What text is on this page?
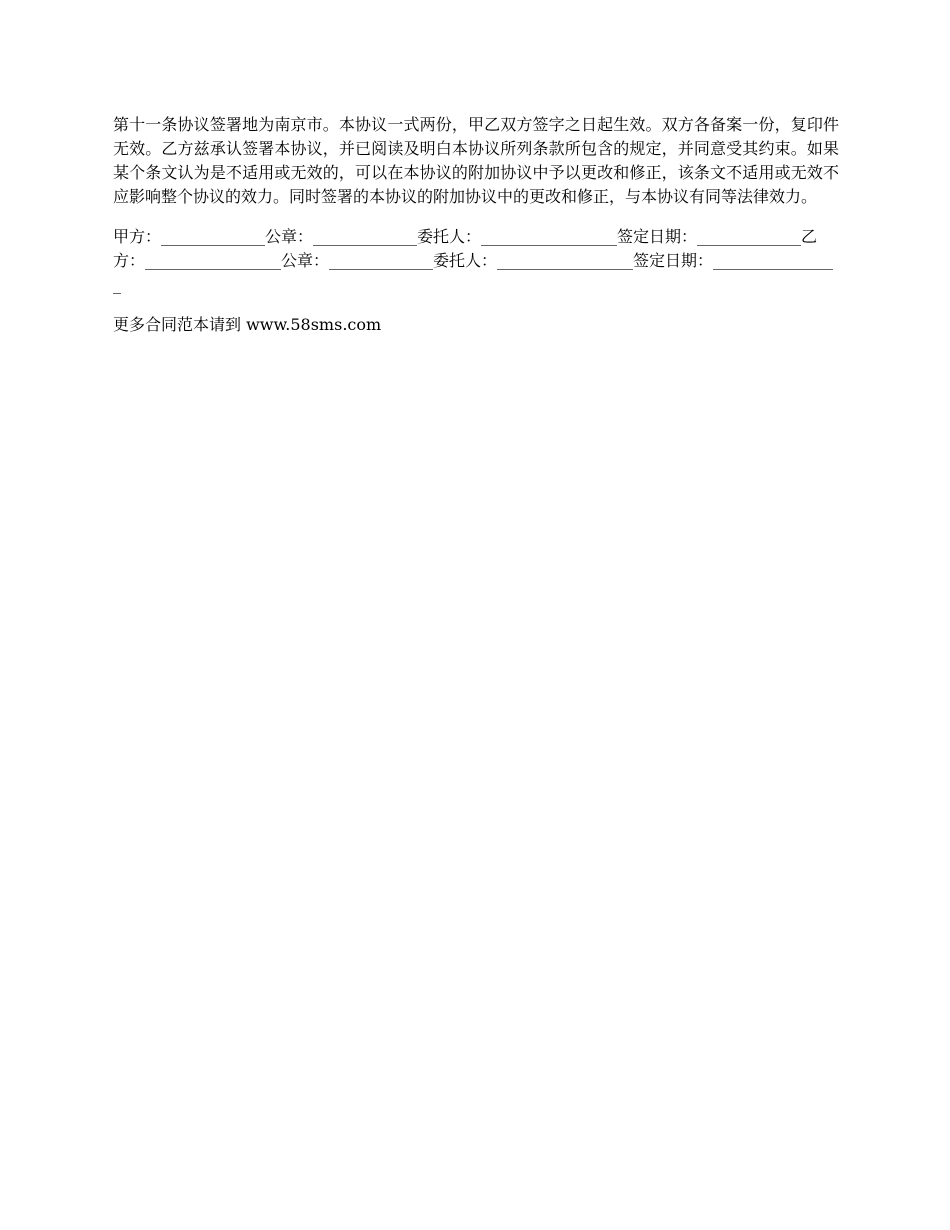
第十一条协议签署地为南京市。本协议一式两份，甲乙双方签字之日起生效。双方各备案一份，复印件无效。乙方兹承认签署本协议，并已阅读及明白本协议所列条款所包含的规定，并同意受其约束。如果某个条文认为是不适用或无效的，可以在本协议的附加协议中予以更改和修正，该条文不适用或无效不应影响整个协议的效力。同时签署的本协议的附加协议中的更改和修正，与本协议有同等法律效力。

甲方：_____________公章：_____________委托人：_________________签定日期：_____________乙方：_________________公章：_____________委托人：_________________签定日期：________________

更多合同范本请到 www.58sms.com
